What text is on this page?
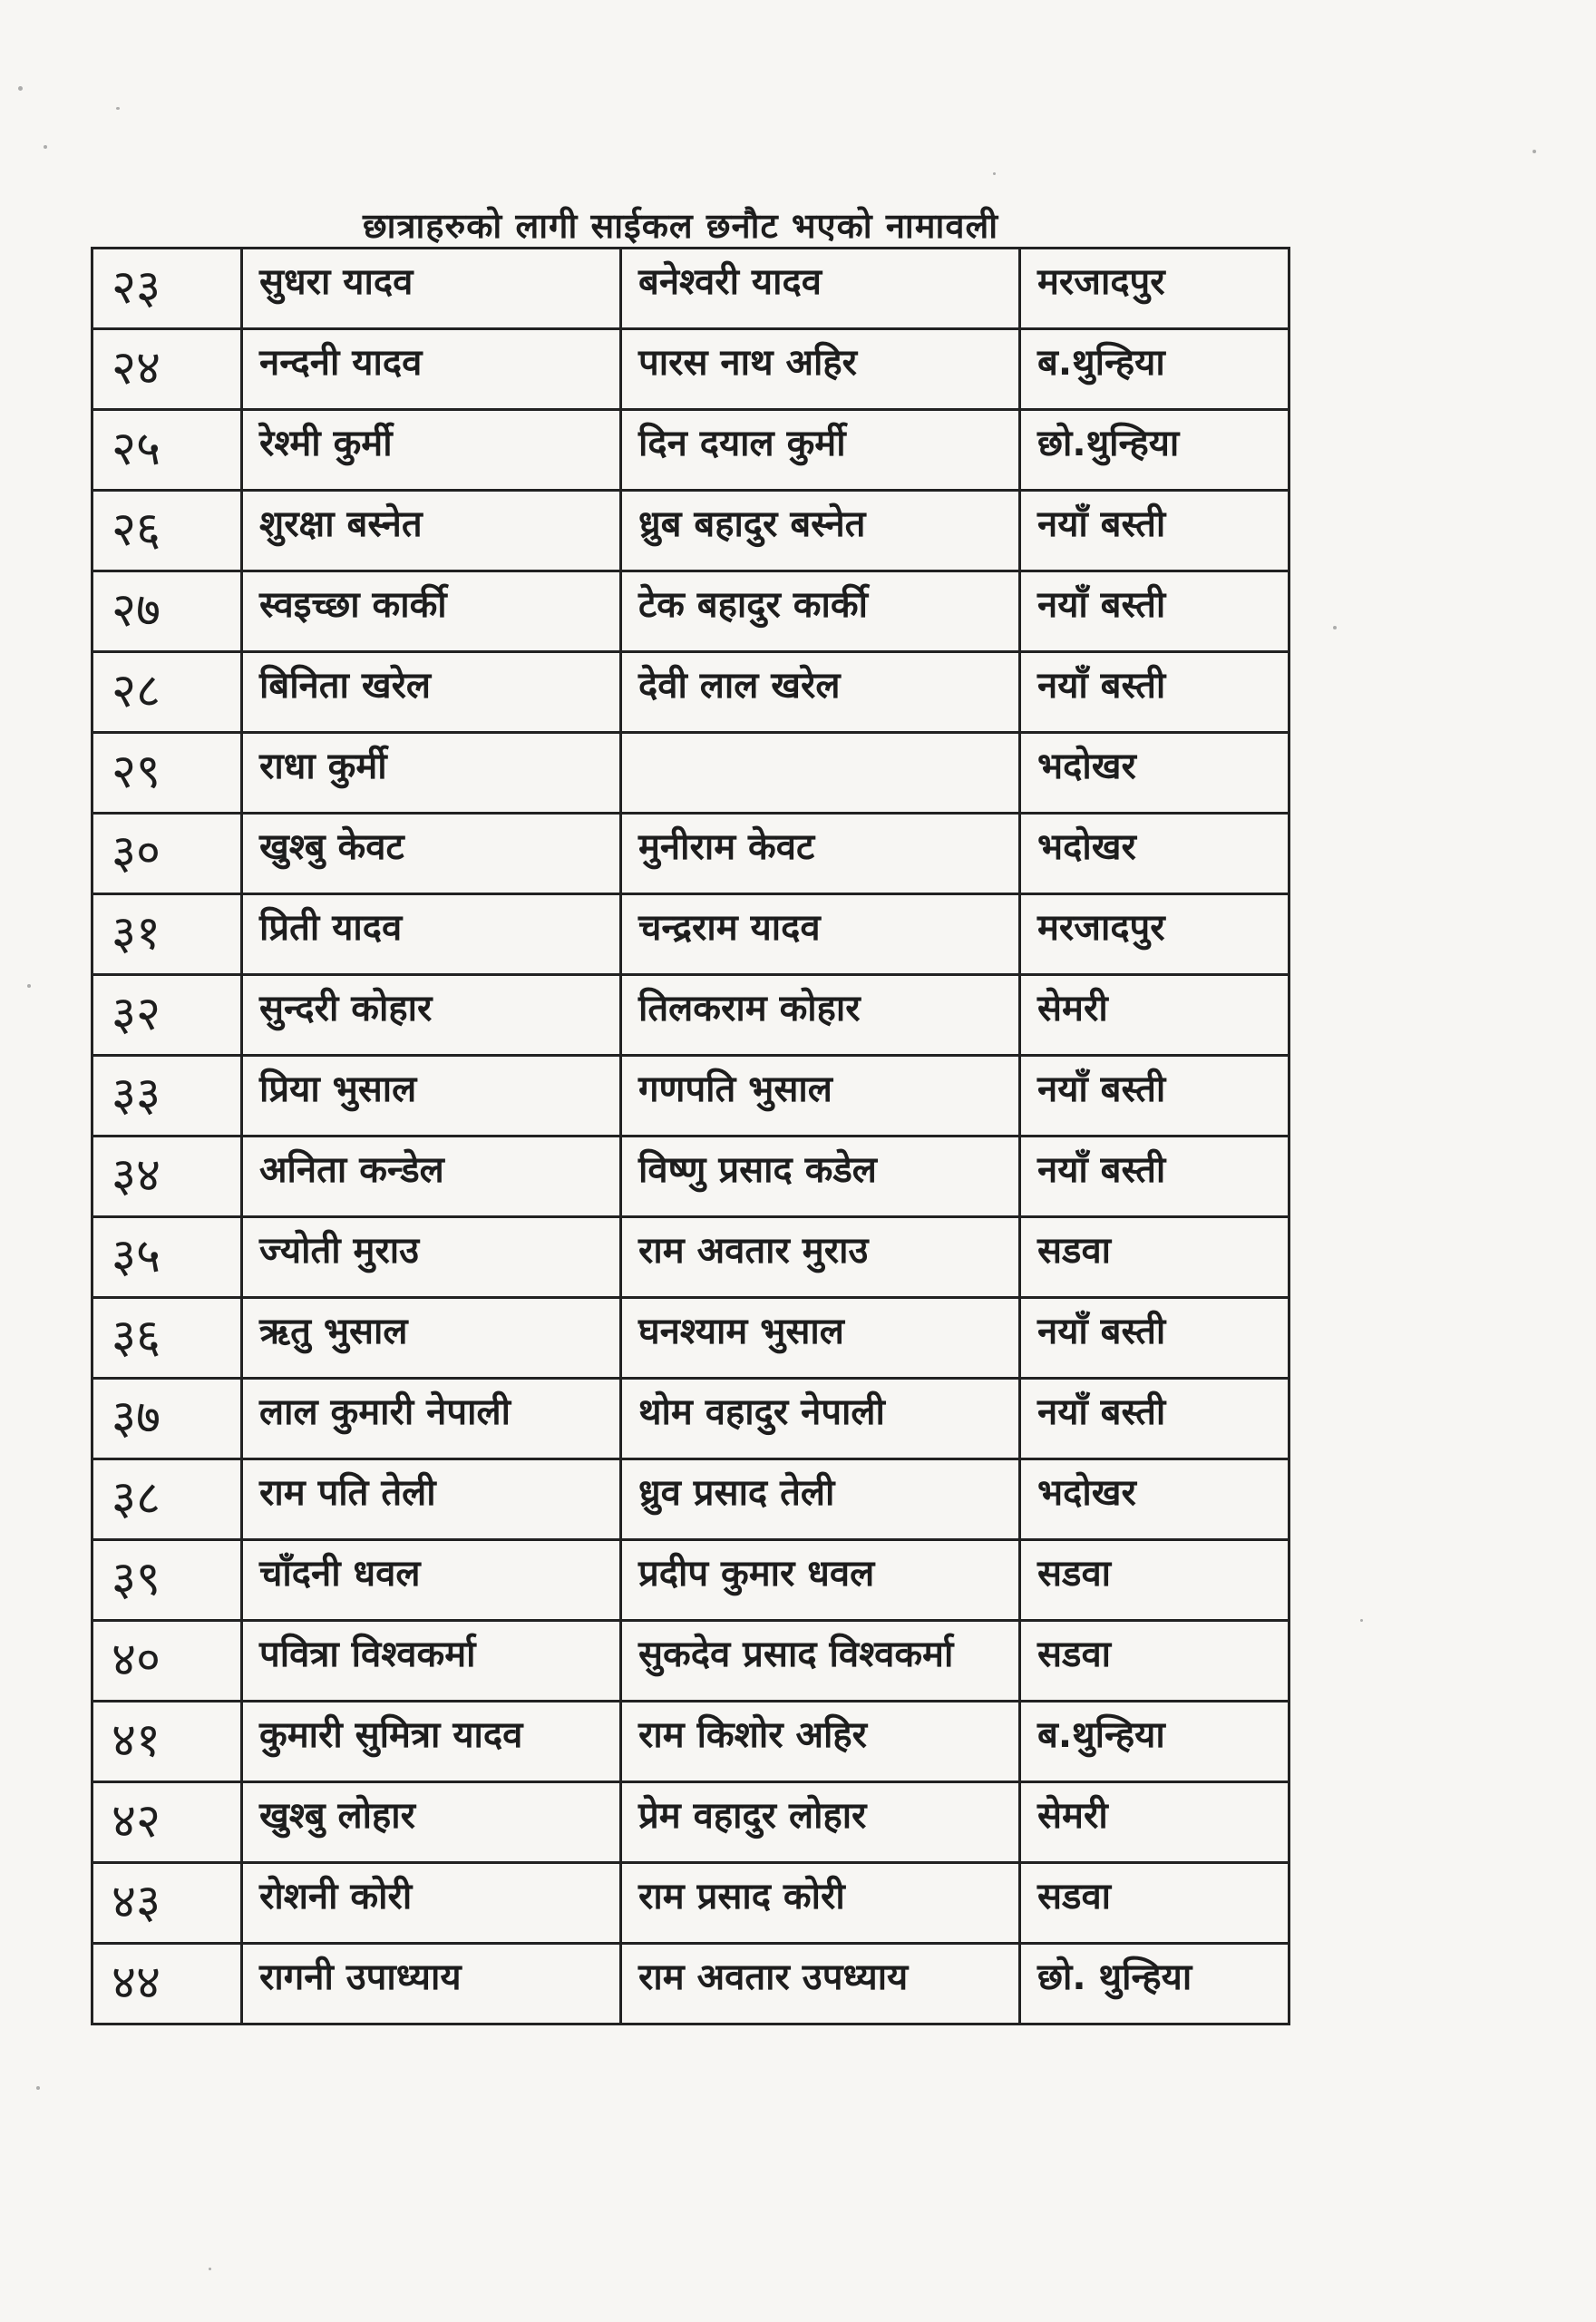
छात्राहरुको लागी साईकल छनौट भएको नामावली
२३	सुधरा यादव	बनेश्वरी यादव	मरजादपुर
२४	नन्दनी यादव	पारस नाथ अहिर	ब.थुन्हिया
२५	रेश्मी कुर्मी	दिन दयाल कुर्मी	छो.थुन्हिया
२६	शुरक्षा बस्नेत	ध्रुब बहादुर बस्नेत	नयाँ बस्ती
२७	स्वइच्छा कार्की	टेक बहादुर कार्की	नयाँ बस्ती
२८	बिनिता खरेल	देवी लाल खरेल	नयाँ बस्ती
२९	राधा कुर्मी		भदोखर
३०	खुश्बु केवट	मुनीराम केवट	भदोखर
३१	प्रिती यादव	चन्द्रराम यादव	मरजादपुर
३२	सुन्दरी कोहार	तिलकराम कोहार	सेमरी
३३	प्रिया भुसाल	गणपति भुसाल	नयाँ बस्ती
३४	अनिता कन्डेल	विष्णु प्रसाद कडेल	नयाँ बस्ती
३५	ज्योती मुराउ	राम अवतार मुराउ	सडवा
३६	ऋतु भुसाल	घनश्याम भुसाल	नयाँ बस्ती
३७	लाल कुमारी नेपाली	थोम वहादुर नेपाली	नयाँ बस्ती
३८	राम पति तेली	ध्रुव प्रसाद तेली	भदोखर
३९	चाँदनी धवल	प्रदीप कुमार धवल	सडवा
४०	पवित्रा विश्वकर्मा	सुकदेव प्रसाद विश्वकर्मा	सडवा
४१	कुमारी सुमित्रा यादव	राम किशोर अहिर	ब.थुन्हिया
४२	खुश्बु लोहार	प्रेम वहादुर लोहार	सेमरी
४३	रोशनी कोरी	राम प्रसाद कोरी	सडवा
४४	रागनी उपाध्याय	राम अवतार उपध्याय	छो. थुन्हिया
